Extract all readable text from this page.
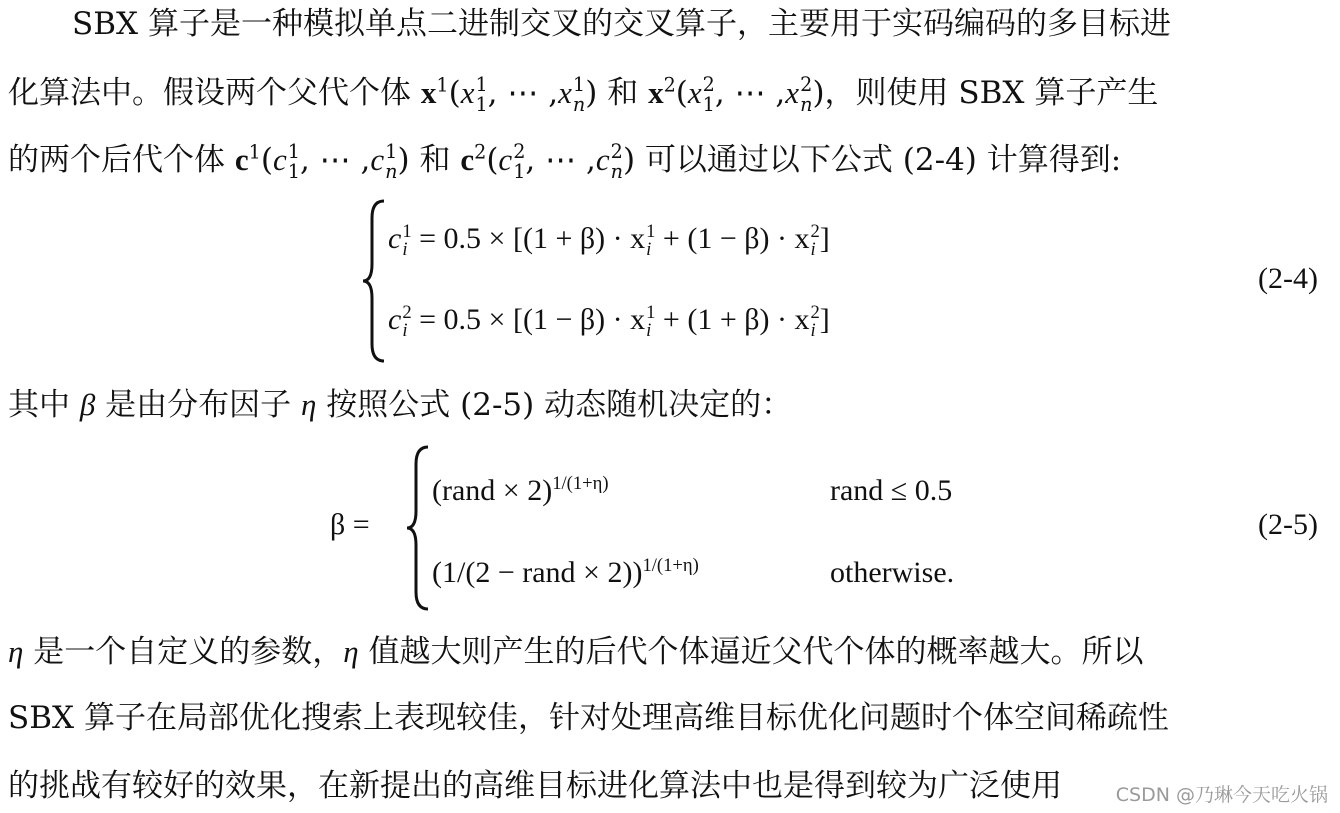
SBX 算子是一种模拟单点二进制交叉的交叉算子，主要用于实码编码的多目标进
化算法中。假设两个父代个体 $x^1(x$ 1
1 , ⋯ ,x 1
n ) 和 $x^2(x$ 2
1 , ⋯ ,x 2
n )，则使用 SBX 算子产生
的两个后代个体 $c^1(c$ 1
1 , ⋯ ,c 1
n ) 和 $c^2(c$ 2
1 , ⋯ ,c 2
n ) 可以通过以下公式 (2-4) 计算得到:
c 1
i = 0.5 × [(1 + β) · x 1
i + (1 − β) · x 2
i ]
c 2
i = 0.5 × [(1 − β) · x 1
i + (1 + β) · x 2
i ]
(2-4)
其中 β 是由分布因子 η 按照公式 (2-5) 动态随机决定的：
β =
(rand × 2)$^{1/(1+\eta)}$	rand ≤ 0.5
(1/(2 − rand × 2))$^{1/(1+\eta)}$	otherwise.
(2-5)
η 是一个自定义的参数，η 值越大则产生的后代个体逼近父代个体的概率越大。所以
SBX 算子在局部优化搜索上表现较佳，针对处理高维目标优化问题时个体空间稀疏性
的挑战有较好的效果，在新提出的高维目标进化算法中也是得到较为广泛使用	CSDN @乃琳今天吃火锅
